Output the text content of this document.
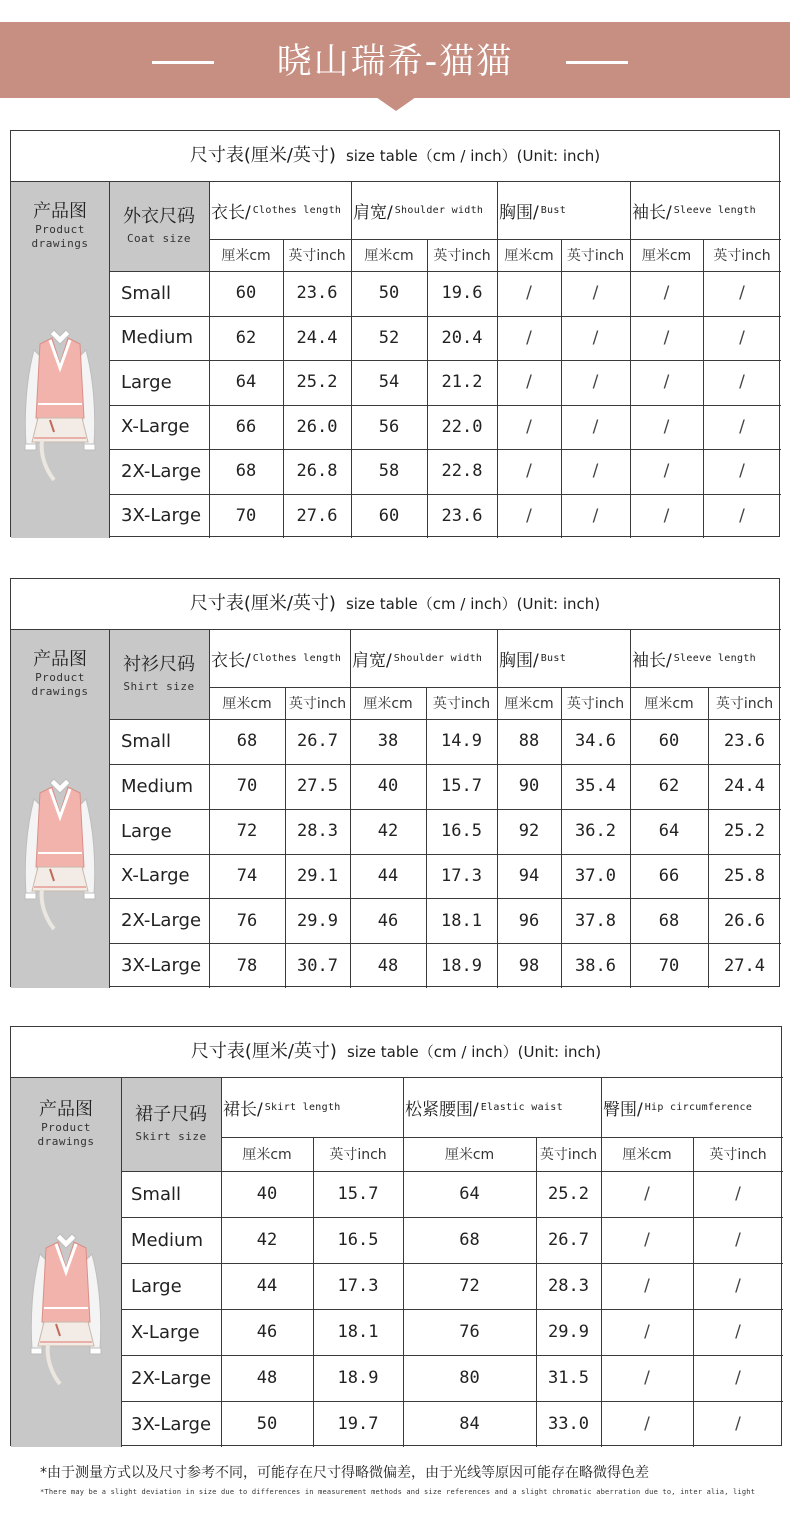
晓山瑞希-猫猫
尺寸表(厘米/英寸) size table（cm / inch）(Unit: inch)
产品图
Product
drawings
外衣尺码
Coat size
衣长/ Clothes length
厘米cm	英寸inch
肩宽/ Shoulder width
厘米cm	英寸inch
胸围/ Bust
厘米cm 英寸inch
袖长/ Sleeve length
厘米cm	英寸inch
Small	60	23.6	50	19.6	/	/	/	/
Medium	62	24.4	52	20.4	/	/	/	/
Large	64	25.2	54	21.2	/	/	/	/
X-Large	66	26.0	56	22.0	/	/	/	/
2X-Large	68	26.8	58	22.8	/	/	/	/
3X-Large	70	27.6	60	23.6	/	/	/	/
尺寸表(厘米/英寸) size table（cm / inch）(Unit: inch)
产品图
Product
drawings
衬衫尺码
Shirt size
衣长/ Clothes length
厘米cm	英寸inch
肩宽/ Shoulder width
厘米cm	英寸inch
胸围/ Bust
厘米cm 英寸inch
袖长/ Sleeve length
厘米cm	英寸inch
Small	68	26.7	38	14.9	88	34.6	60	23.6
Medium	70	27.5	40	15.7	90	35.4	62	24.4
Large	72	28.3	42	16.5	92	36.2	64	25.2
X-Large	74	29.1	44	17.3	94	37.0	66	25.8
2X-Large	76	29.9	46	18.1	96	37.8	68	26.6
3X-Large	78	30.7	48	18.9	98	38.6	70	27.4
尺寸表(厘米/英寸) size table（cm / inch）(Unit: inch)
产品图
Product
drawings
裙子尺码
Skirt size
裙长/ Skirt length
厘米cm	英寸inch
松紧腰围/ Elastic waist
厘米cm	英寸inch
臀围/ Hip circumference
厘米cm	英寸inch
Small	40	15.7	64	25.2	/	/
Medium	42	16.5	68	26.7	/	/
Large	44	17.3	72	28.3	/	/
X-Large	46	18.1	76	29.9	/	/
2X-Large	48	18.9	80	31.5	/	/
3X-Large	50	19.7	84	33.0	/	/
*由于测量方式以及尺寸参考不同，可能存在尺寸得略微偏差，由于光线等原因可能存在略微得色差
*There may be a slight deviation in size due to differences in measurement methods and size references and a slight chromatic aberration due to, inter alia, light
